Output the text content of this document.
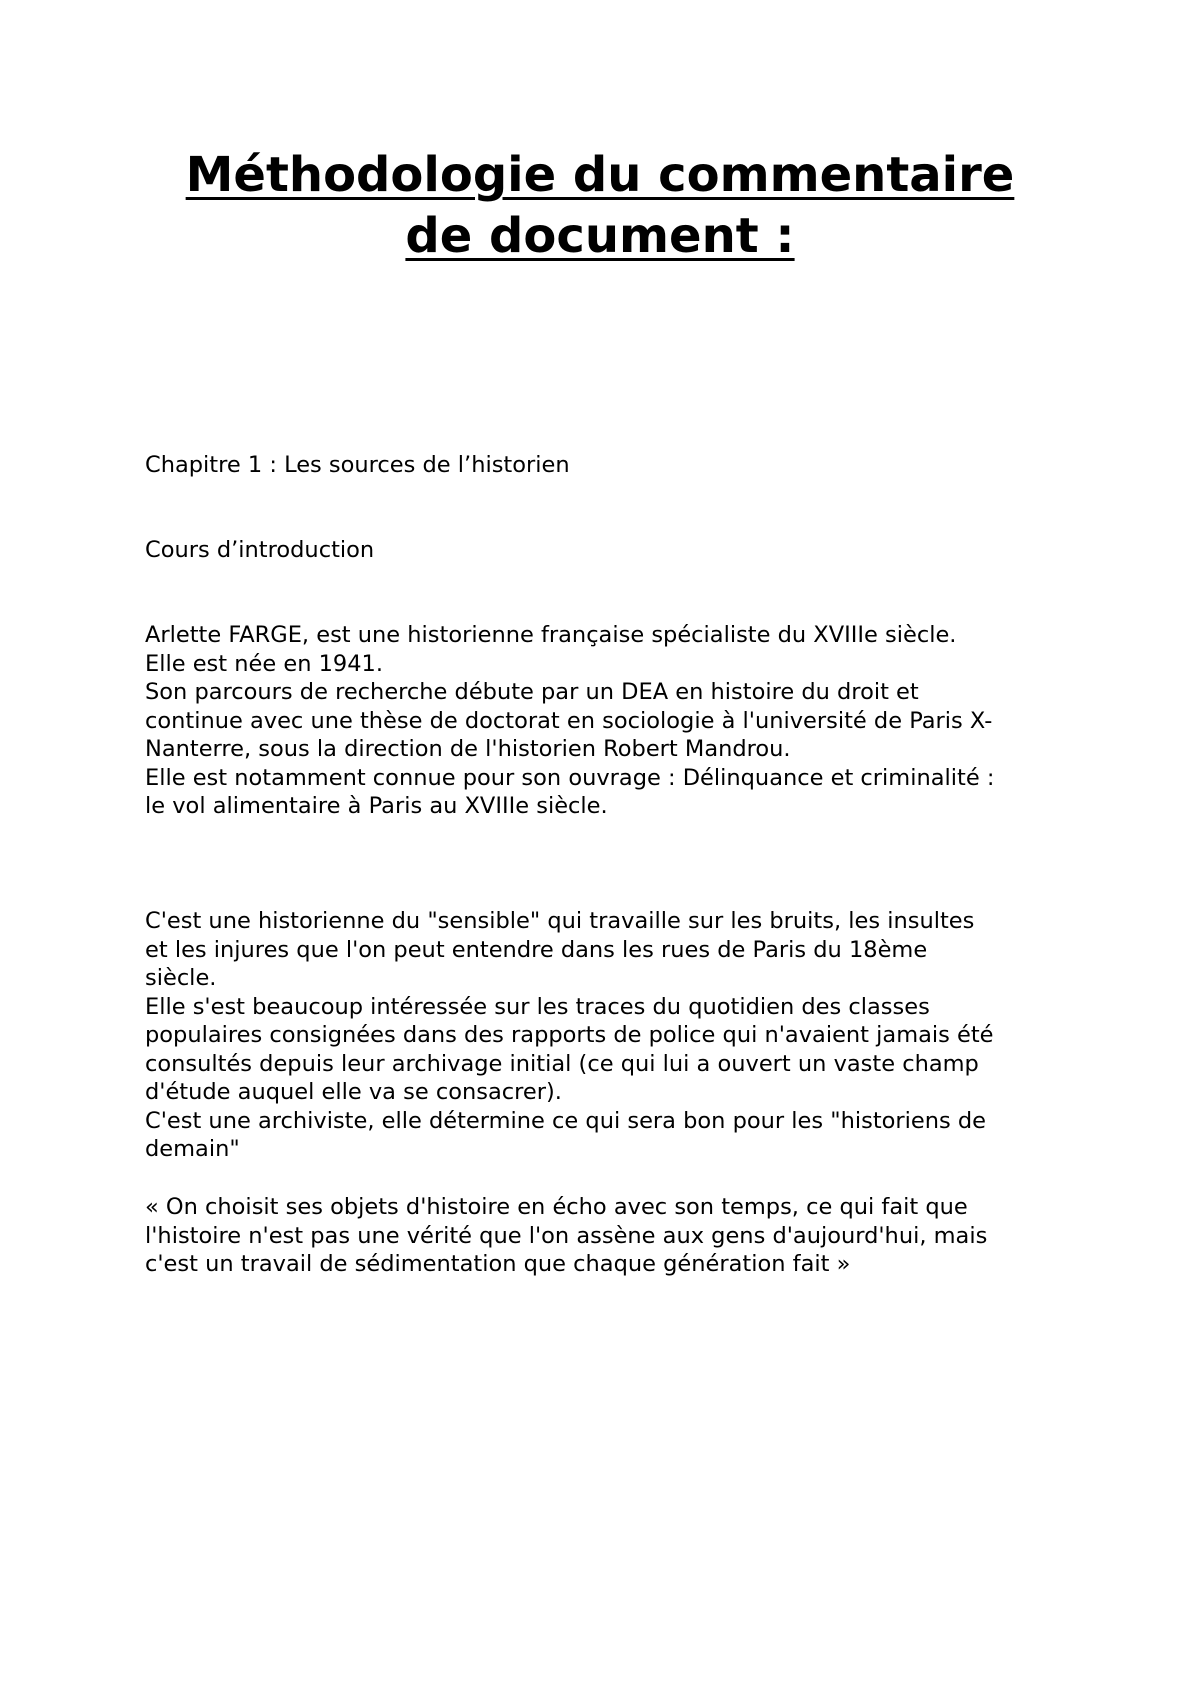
Méthodologie du commentaire
de document :

Chapitre 1 : Les sources de l’historien

Cours d’introduction

Arlette FARGE, est une historienne française spécialiste du XVIIIe siècle.
Elle est née en 1941.
Son parcours de recherche débute par un DEA en histoire du droit et
continue avec une thèse de doctorat en sociologie à l'université de Paris X-
Nanterre, sous la direction de l'historien Robert Mandrou.
Elle est notamment connue pour son ouvrage : Délinquance et criminalité :
le vol alimentaire à Paris au XVIIIe siècle.

C'est une historienne du "sensible" qui travaille sur les bruits, les insultes
et les injures que l'on peut entendre dans les rues de Paris du 18ème
siècle.
Elle s'est beaucoup intéressée sur les traces du quotidien des classes
populaires consignées dans des rapports de police qui n'avaient jamais été
consultés depuis leur archivage initial (ce qui lui a ouvert un vaste champ
d'étude auquel elle va se consacrer).
C'est une archiviste, elle détermine ce qui sera bon pour les "historiens de
demain"

« On choisit ses objets d'histoire en écho avec son temps, ce qui fait que
l'histoire n'est pas une vérité que l'on assène aux gens d'aujourd'hui, mais
c'est un travail de sédimentation que chaque génération fait »
